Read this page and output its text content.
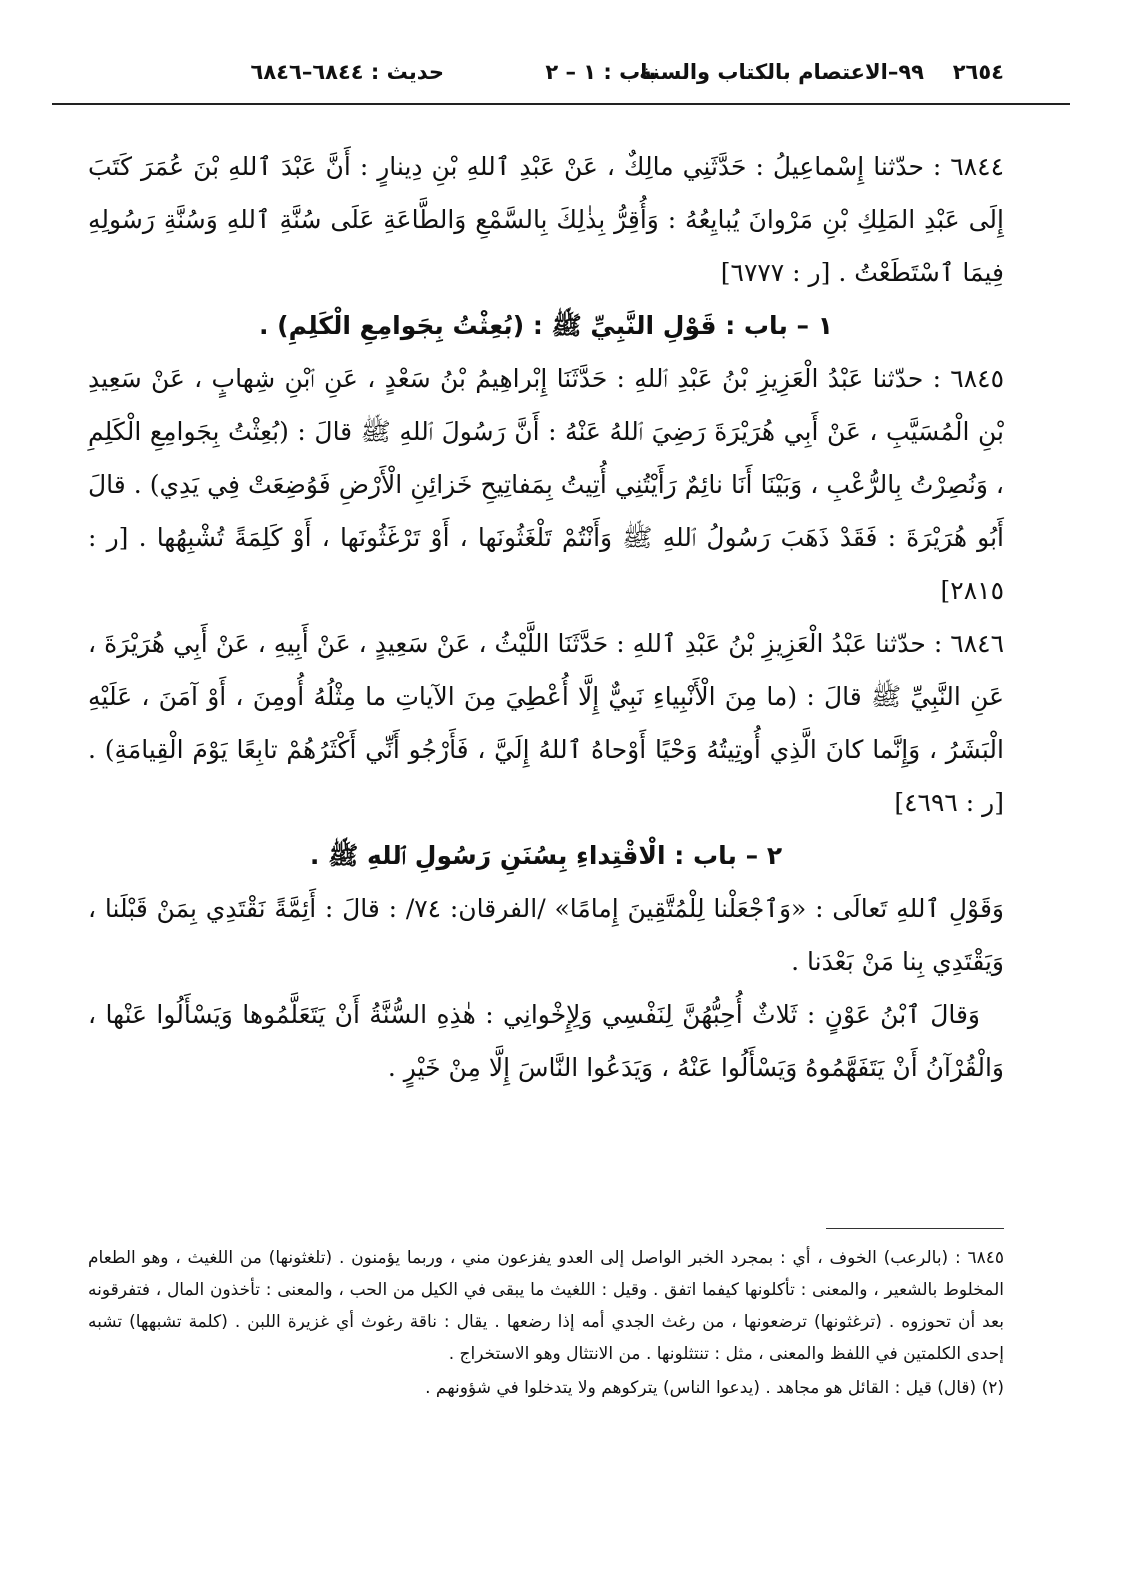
٢٦٥٤
٩٩–الاعتصام بالكتاب والسنة
باب : ١ – ٢
حديث : ٦٨٤٤–٦٨٤٦

٦٨٤٤ : حدّثنا إِسْماعِيلُ : حَدَّثَنِي مالِكٌ ، عَنْ عَبْدِ ٱللهِ بْنِ دِينارٍ : أَنَّ عَبْدَ ٱللهِ بْنَ عُمَرَ كَتَبَ إِلَى عَبْدِ المَلِكِ بْنِ مَرْوانَ يُبايِعُهُ : وَأُقِرُّ بِذٰلِكَ بِالسَّمْعِ وَالطَّاعَةِ عَلَى سُنَّةِ ٱللهِ وَسُنَّةِ رَسُولِهِ فِيمَا ٱسْتَطَعْتُ . [ر : ٦٧٧٧]

١ – باب : قَوْلِ النَّبِيِّ ﷺ : (بُعِثْتُ بِجَوامِعِ الْكَلِمِ) .

٦٨٤٥ : حدّثنا عَبْدُ الْعَزِيزِ بْنُ عَبْدِ ٱللهِ : حَدَّثَنَا إِبْراهِيمُ بْنُ سَعْدٍ ، عَنِ ٱبْنِ شِهابٍ ، عَنْ سَعِيدِ بْنِ الْمُسَيَّبِ ، عَنْ أَبِي هُرَيْرَةَ رَضِيَ ٱللهُ عَنْهُ : أَنَّ رَسُولَ ٱللهِ ﷺ قالَ : (بُعِثْتُ بِجَوامِعِ الْكَلِمِ ، وَنُصِرْتُ بِالرُّعْبِ ، وَبَيْنَا أَنَا نائِمٌ رَأَيْتُنِي أُتِيتُ بِمَفاتِيحِ خَزائِنِ الْأَرْضِ فَوُضِعَتْ فِي يَدِي) . قالَ أَبُو هُرَيْرَةَ : فَقَدْ ذَهَبَ رَسُولُ ٱللهِ ﷺ وَأَنْتُمْ تَلْغَثُونَها ، أَوْ تَرْغَثُونَها ، أَوْ كَلِمَةً تُشْبِهُها . [ر : ٢٨١٥]

٦٨٤٦ : حدّثنا عَبْدُ الْعَزِيزِ بْنُ عَبْدِ ٱللهِ : حَدَّثَنَا اللَّيْثُ ، عَنْ سَعِيدٍ ، عَنْ أَبِيهِ ، عَنْ أَبِي هُرَيْرَةَ ، عَنِ النَّبِيِّ ﷺ قالَ : (ما مِنَ الْأَنْبِياءِ نَبِيٌّ إِلَّا أُعْطِيَ مِنَ الآياتِ ما مِثْلُهُ أُومِنَ ، أَوْ آمَنَ ، عَلَيْهِ الْبَشَرُ ، وَإِنَّما كانَ الَّذِي أُوتِيتُهُ وَحْيًا أَوْحاهُ ٱللهُ إِلَيَّ ، فَأَرْجُو أَنِّي أَكْثَرُهُمْ تابِعًا يَوْمَ الْقِيامَةِ) . [ر : ٤٦٩٦]

٢ – باب : الْاقْتِداءِ بِسُنَنِ رَسُولِ ٱللهِ ﷺ .

وَقَوْلِ ٱللهِ تَعالَى : «وَٱجْعَلْنا لِلْمُتَّقِينَ إِمامًا» /الفرقان: ٧٤/ : قالَ : أَئِمَّةً نَقْتَدِي بِمَنْ قَبْلَنا ، وَيَقْتَدِي بِنا مَنْ بَعْدَنا .

وَقالَ ٱبْنُ عَوْنٍ : ثَلاثٌ أُحِبُّهُنَّ لِنَفْسِي وَلِإِخْوانِي : هٰذِهِ السُّنَّةُ أَنْ يَتَعَلَّمُوها وَيَسْأَلُوا عَنْها ، وَالْقُرْآنُ أَنْ يَتَفَهَّمُوهُ وَيَسْأَلُوا عَنْهُ ، وَيَدَعُوا النَّاسَ إِلَّا مِنْ خَيْرٍ .

٦٨٤٥ : (بالرعب) الخوف ، أي : بمجرد الخبر الواصل إلى العدو يفزعون مني ، وربما يؤمنون . (تلغثونها) من اللغيث ، وهو الطعام المخلوط بالشعير ، والمعنى : تأكلونها كيفما اتفق . وقيل : اللغيث ما يبقى في الكيل من الحب ، والمعنى : تأخذون المال ، فتفرقونه بعد أن تحوزوه . (ترغثونها) ترضعونها ، من رغث الجدي أمه إذا رضعها . يقال : ناقة رغوث أي غزيرة اللبن . (كلمة تشبهها) تشبه إحدى الكلمتين في اللفظ والمعنى ، مثل : تنتثلونها . من الانتثال وهو الاستخراج .

(٢) (قال) قيل : القائل هو مجاهد . (يدعوا الناس) يتركوهم ولا يتدخلوا في شؤونهم .
